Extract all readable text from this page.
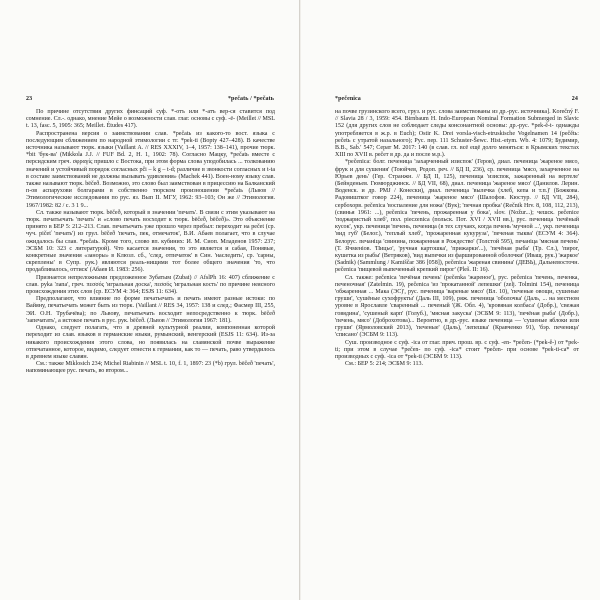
23	*pečatь / *pečatь

По причине отсутствия других финсаций суф. *-отъ или *-атъ вер-ся ставится под сомнение. Сл.-. однако, мнение Мейе о возможности слав. глаг. основы с суф. -ё- (Meillet // MSL t. 13, fasc. 5, 1905: 365; Meillet. Études 417).

Распространена версия о заимствовании слав. *pečatь из какого-то вост. языка с последующим сближением по народной этимологии с тг. *pek-ti (Ворtу 427–428). В качестве источника называют тюрк. языки (Vaillant A. // RES XXXIV, 1–4, 1957: 138–141), прочие тюрк. *bit 'бук-ва' (Mikkola J.J. // FUF Bd. 2, H. 1, 1902: 78). Согласно Мацку, *pečatь вместе с персидским греч. σφραγίς пришло с Востока, при этом форма слова уподобилась ... толкованию значений и устойчивый порядок согласных pči – k g – t-d; различие в звонкости согласных и t-ta в составе заимствований не должны вызывать удивления» (Machek 441). Воен-ному языку слав. также называют тюрк. bēčeð. Возможно, это слово был заимствован в прицессию на Балканский п-ов аспарухови болгарами в собственно тюрском произношении *реčаtь (Львов // Этимологические исследования по рус. яз. Вып II. МГУ, 1962: 93–103; Он же // Этимология. 1967/1982: 82 / с. 3 1 9...

Сл. также называют тюрк. bēčeð, который в значении 'печать'. В связи с этим указывают на тюрк. печатьечать 'печать' и «слово печать восходит к тюрк. bēčeð, bēčeð)». Это объяснение принято в БЕР 5: 212–213. Слав. печатьечать уже прошло через пребыл: переходит на pečet (ср. чуч. pičeť 'печать') из грул. bēčeð 'печать, пек, отмечаток', В.И. Абаев полагает, что в случае ожидалось бы слав. *pečatь. Кроме того, слово вп. кубиних: И. М. Сиоп. Младенов 1957: 237; ЭСБМ 10: 323 с литературой). Что касается значения, то это является и сабая, Понявые, конкретные значения «заноры» в Клюзл. сб., 'след, отпечаток' в Син. 'наследить', ср. 'сарны, скреплены' в Супр. рук.) являются реаль-нищими тот более общего значения 'то, что продабливалось, оттиск' (Абаев И. 1983: 256).

Признается непреложными предложенное Зубатым (Zubat) // AfslPh 16: 407) сближение с слав. pyka 'лапа', греч. πεσσός 'игральная доска', πεσσός 'игральная кость' по причине неясного происхождения этих слов (ср. ЕСУМ 4: 364; ESJS 11: 634).

Предполагают, что влияние по форме печатьечать и печать имеют разные истоки: по Вайяну, печатьечать может быть из тюрк. (Vaillant // RES 34, 1957: 138 и след.; Фасмер III, 255, ЭИ. О.Н. Трубачёва); по Львову, печатьечать восходит непосредственно к тюрк. bēčeð 'запечатать', а истокое печать в рус. рук. bēčeð. (Львов // Этимология 1967: 181).

Однако, следует полагать, что в древней культурной реалии, компоненная которой переходит из слав. языков в германские языки, румынский, венгерский (ESJS 11: 634). Из-за никакого происхождения этого слова, но появилась на славянской почве выражение отпечатанное, которое, видимо, следует отнести к германии, как то — печать, раво утвердилось в древнем языке славян.

См.: также Miklosich 234; Michel Riabinin // MSL t. 10, f. 1, 1897: 23 (*b) грул. bēčeð 'печать', напоминающее рус. печать, во втором...

*pečenica	24

на почве грузинского всего, груз. и рус. слова заимствованы из др.-рус. источника]. Korečný F. // Slavia 28 / 3, 1959: 454. Birnbaum H. Indo-European Nominal Formation Submerged in Slavic 152 (для других слов не соблюдает следы консонантной основы: др.-рус. *pek-ě-t- однажды употребляется в ж.р. в Euch); Ostir K. Drei vorsla-visch-etruskische Vogelnamen 14 (рečětь: pečetь с утратой назального); Рус. пер. 111 Schuster-Šewc. Hist.-etym. Wb. 4: 1079; Будимир, В.В., Sab.' 547; Серат М. 2017: 140 (в слав. гл. всё ещё долго меняться: в Крымских текстах XIII по XVII в. рečет в др. да и после м.р.).

*pečenica: болг. печеница 'захарченный изиспок' (Геров), диал. печеница 'жареное мясо, фрук и для сушения' (Тоюйчев, Родоп. реч. // БД II, 236), ср. печеница 'мясо, захарченное на Юрьев день' (Гер. Странжн. // БД II, 125), печеница 'изиспок, зажаренный на вертеле' (Бейнденьев. Гюмюрджинск. // БД VII, 68), диал. печеница 'жареное мясо' (Данилов. Лерин. Воденск. и др. РМЈ / Конески), диал. печеница 'вылечка (хлеб, кепа и т.п.)' (Божкова. Радовиштког говор 224), печеница 'жареное мясо' (Шалофов. Кюстур. // БД VII, 284), сербохорв. pečenica 'воспаление для ножа' (Вук); 'печная пробка' (Rečnik Hrv. 8, 108, 112, 213), (свинья 1961: ...), pečenica 'печень, прожаренная у бока', slov. (Nožur...); чешск. pečenice 'поджаристый хлеб', пол. pieczenica (польск. Пот. XVI / XVII вв.), рус. печеница 'печёный кусок', укр. печениця 'печень, печеница (в тех случаях, когда печень 'мучной ...', укр. печеница 'вид губ' (Белог.), 'теплый хлеб', 'прожаренная кукуруза', 'печеная тыква' (ЕСУМ 4: 364). Белорус. печаніца 'свинина, пожаренная в Рождество' (Толстой 595), печаніца 'мясная печень' (Т. Ячменіов. 'Пицьо', 'ручная картошка', 'прижарки'...), 'печёная рыба' (Тр. Сл.), 'пирог, кушетка из рыбы' (Ветряков), 'вид выпечки из фаршированной оболочки' (Иващ. рук.) 'жаркое' (Sadnik) (Sammlung / Kamiščar 386 [058]), pečenica 'жареная свинина' (ДЕВЬ), Дальневосточн. pečenica 'пищевой выпеченный крепкий пирог' (Pleš. II: 16).

Сл. также: pečenica 'печёная печень' (pečenka 'жареное'), рус. pečenica 'печень, печенка, печеночная' (Zatelmin. 19), pečenica 'из 'прокатанной' лепешки' (zelj. Tolmini 154), печеница 'обжаренная ... Мака (ЭС)', рус. печеница 'вареные мясо' (Вл. 10), 'печеные овощи, сушеные груши', 'сушёные сухофрукты' (Даль III, 109), ряж. печеница 'оболочка' (Даль, ... на местном уровне в Ярославле 'сваренный ... печеный '(Ж. Обл. 4), 'кровяная колбаса' (Добр.), 'свежая говядина', 'сушеный карп' (Голуб.), 'мясная закуска' (ЭСБМ 9: 113), 'печёная рыба' (Добр.), 'печень, мясо' (Доброхотова)... Вероятно, в др.-рус. языке печеница — 'сушеные яблоки или груши' (Ярмоловский 2013), 'печеные' (Даль), 'лепешка' (Кравченко 91), 'бэр. печеница' 'списано' (ЭСБМ 9: 113).

Суш. производное с суф. -ica от глаг. прич. прош. вр. с суф. -en- *pečen- (*pek-ě-) от *pek-ti; при этом в случае *pečen- по суф. -ica* стоит *pečen- при основе *pek-ti-ca* от производных с суф. -ica от *pek-ti (ЭСБМ 9: 113).

См.: БЕР 5: 214; ЭСБМ 9: 113.
